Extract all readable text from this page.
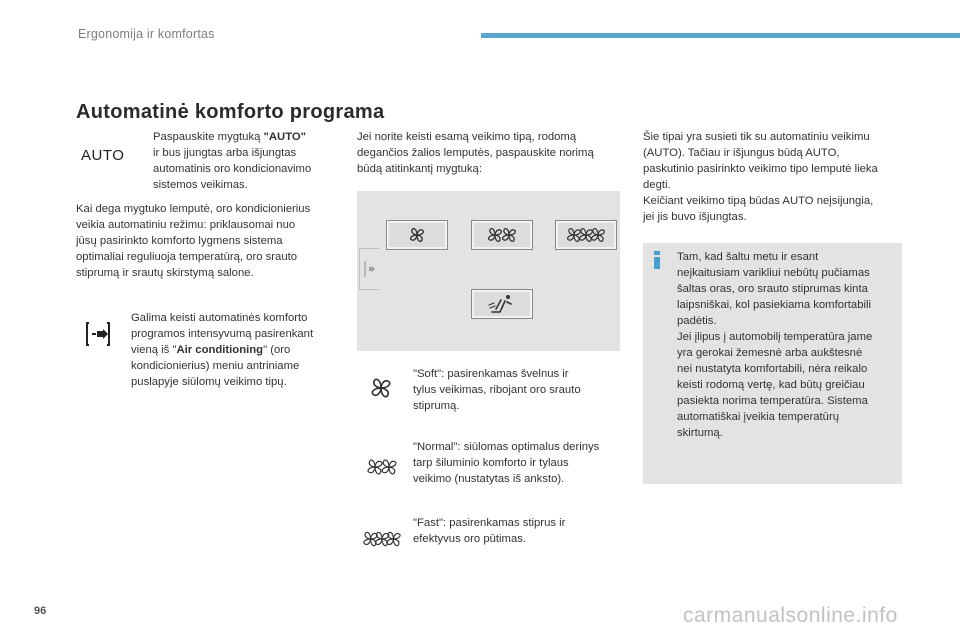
Ergonomija ir komfortas
Automatinė komforto programa
AUTO
Paspauskite mygtuką "AUTO"
ir bus įjungtas arba išjungtas
automatinis oro kondicionavimo
sistemos veikimas.
Kai dega mygtuko lemputė, oro kondicionierius
veikia automatiniu režimu: priklausomai nuo
jūsų pasirinkto komforto lygmens sistema
optimaliai reguliuoja temperatūrą, oro srauto
stiprumą ir srautų skirstymą salone.
Galima keisti automatinės komforto
programos intensyvumą pasirenkant
vieną iš "Air conditioning" (oro
kondicionierius) meniu antriniame
puslapyje siūlomų veikimo tipų.
Jei norite keisti esamą veikimo tipą, rodomą
degančios žalios lemputės, paspauskite norimą
būdą atitinkantį mygtuką:
"Soft": pasirenkamas švelnus ir
tylus veikimas, ribojant oro srauto
stiprumą.
"Normal": siūlomas optimalus derinys
tarp šiluminio komforto ir tylaus
veikimo (nustatytas iš anksto).
"Fast": pasirenkamas stiprus ir
efektyvus oro pūtimas.
Šie tipai yra susieti tik su automatiniu veikimu
(AUTO). Tačiau ir išjungus būdą AUTO,
paskutinio pasirinkto veikimo tipo lemputė lieka
degti.
Keičiant veikimo tipą būdas AUTO neįsijungia,
jei jis buvo išjungtas.
Tam, kad šaltu metu ir esant
neįkaitusiam varikliui nebūtų pučiamas
šaltas oras, oro srauto stiprumas kinta
laipsniškai, kol pasiekiama komfortabili
padėtis.
Jei įlipus į automobilį temperatūra jame
yra gerokai žemesnė arba aukštesnė
nei nustatyta komfortabili, nėra reikalo
keisti rodomą vertę, kad būtų greičiau
pasiekta norima temperatūra. Sistema
automatiškai įveikia temperatūrų
skirtumą.
96	carmanualsonline.info
